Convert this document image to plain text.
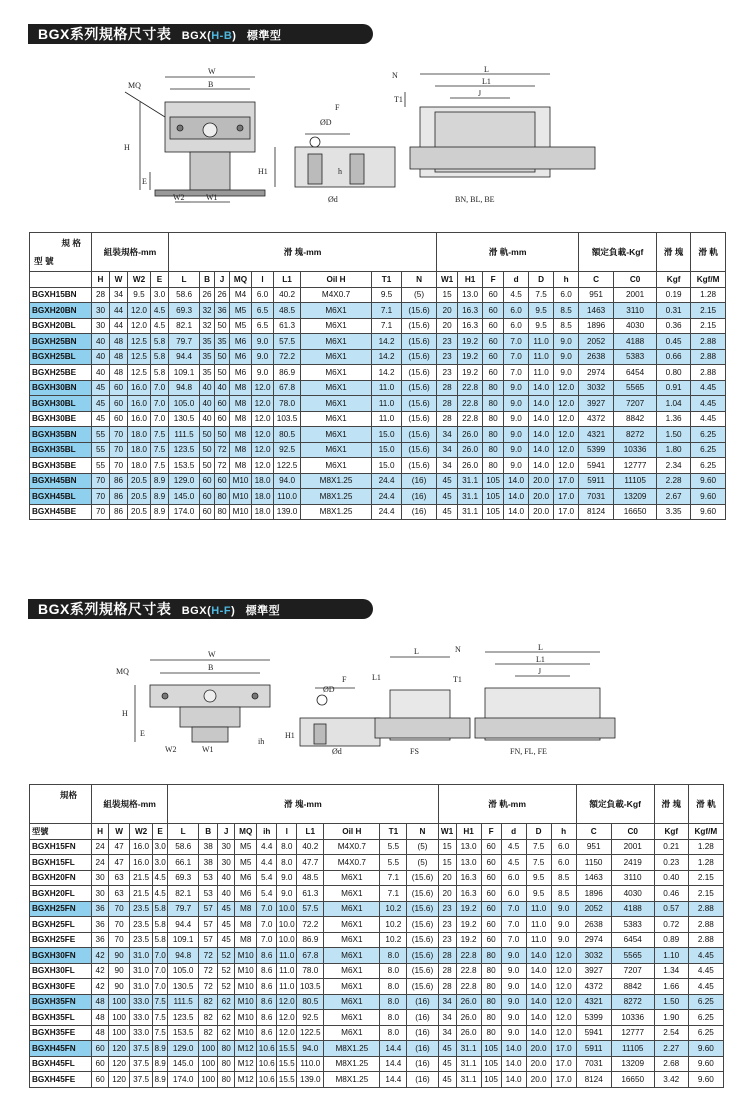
BGX系列規格尺寸表 BGX(H-B) 標準型
MQ
W
B
H
E
W2	W1
F
ØD
H1	h
Ød
N
T1
L
L1
J
BN, BL, BE
規 格
型 號	組裝規格-mm				滑 塊-mm									滑 軌-mm						額定負載-Kgf		滑 塊	滑 軌
	H	W	W2	E	L	B	J	MQ	l	L1	Oil H	T1	N	W1	H1	F	d	D	h	C	C0	Kgf	Kgf/M
BGXH15BN	28	34	9.5	3.0	58.6	26	26	M4	6.0	40.2	M4X0.7	9.5	(5)	15	13.0	60	4.5	7.5	6.0	951	2001	0.19	1.28
BGXH20BN	30	44	12.0	4.5	69.3	32	36	M5	6.5	48.5	M6X1	7.1	(15.6)	20	16.3	60	6.0	9.5	8.5	1463	3110	0.31	2.15
BGXH20BL	30	44	12.0	4.5	82.1	32	50	M5	6.5	61.3	M6X1	7.1	(15.6)	20	16.3	60	6.0	9.5	8.5	1896	4030	0.36	2.15
BGXH25BN	40	48	12.5	5.8	79.7	35	35	M6	9.0	57.5	M6X1	14.2	(15.6)	23	19.2	60	7.0	11.0	9.0	2052	4188	0.45	2.88
BGXH25BL	40	48	12.5	5.8	94.4	35	50	M6	9.0	72.2	M6X1	14.2	(15.6)	23	19.2	60	7.0	11.0	9.0	2638	5383	0.66	2.88
BGXH25BE	40	48	12.5	5.8	109.1	35	50	M6	9.0	86.9	M6X1	14.2	(15.6)	23	19.2	60	7.0	11.0	9.0	2974	6454	0.80	2.88
BGXH30BN	45	60	16.0	7.0	94.8	40	40	M8	12.0	67.8	M6X1	11.0	(15.6)	28	22.8	80	9.0	14.0	12.0	3032	5565	0.91	4.45
BGXH30BL	45	60	16.0	7.0	105.0	40	60	M8	12.0	78.0	M6X1	11.0	(15.6)	28	22.8	80	9.0	14.0	12.0	3927	7207	1.04	4.45
BGXH30BE	45	60	16.0	7.0	130.5	40	60	M8	12.0	103.5	M6X1	11.0	(15.6)	28	22.8	80	9.0	14.0	12.0	4372	8842	1.36	4.45
BGXH35BN	55	70	18.0	7.5	111.5	50	50	M8	12.0	80.5	M6X1	15.0	(15.6)	34	26.0	80	9.0	14.0	12.0	4321	8272	1.50	6.25
BGXH35BL	55	70	18.0	7.5	123.5	50	72	M8	12.0	92.5	M6X1	15.0	(15.6)	34	26.0	80	9.0	14.0	12.0	5399	10336	1.80	6.25
BGXH35BE	55	70	18.0	7.5	153.5	50	72	M8	12.0	122.5	M6X1	15.0	(15.6)	34	26.0	80	9.0	14.0	12.0	5941	12777	2.34	6.25
BGXH45BN	70	86	20.5	8.9	129.0	60	60	M10	18.0	94.0	M8X1.25	24.4	(16)	45	31.1	105	14.0	20.0	17.0	5911	11105	2.28	9.60
BGXH45BL	70	86	20.5	8.9	145.0	60	80	M10	18.0	110.0	M8X1.25	24.4	(16)	45	31.1	105	14.0	20.0	17.0	7031	13209	2.67	9.60
BGXH45BE	70	86	20.5	8.9	174.0	60	80	M10	18.0	139.0	M8X1.25	24.4	(16)	45	31.1	105	14.0	20.0	17.0	8124	16650	3.35	9.60
BGX系列規格尺寸表 BGX(H-F) 標準型
MQ
W
B
H
E
W2	W1
ih
F
ØD
H1
Ød
L1
L
FS
N
T1
L
L1
J
FN, FL, FE
規格	組裝規格-mm				滑 塊-mm										滑 軌-mm						額定負載-Kgf		滑 塊	滑 軌
型號	H	W	W2	E	L	B	J	MQ	ih	l	L1	Oil H	T1	N	W1	H1	F	d	D	h	C	C0	Kgf	Kgf/M
BGXH15FN	24	47	16.0	3.0	58.6	38	30	M5	4.4	8.0	40.2	M4X0.7	5.5	(5)	15	13.0	60	4.5	7.5	6.0	951	2001	0.21	1.28
BGXH15FL	24	47	16.0	3.0	66.1	38	30	M5	4.4	8.0	47.7	M4X0.7	5.5	(5)	15	13.0	60	4.5	7.5	6.0	1150	2419	0.23	1.28
BGXH20FN	30	63	21.5	4.5	69.3	53	40	M6	5.4	9.0	48.5	M6X1	7.1	(15.6)	20	16.3	60	6.0	9.5	8.5	1463	3110	0.40	2.15
BGXH20FL	30	63	21.5	4.5	82.1	53	40	M6	5.4	9.0	61.3	M6X1	7.1	(15.6)	20	16.3	60	6.0	9.5	8.5	1896	4030	0.46	2.15
BGXH25FN	36	70	23.5	5.8	79.7	57	45	M8	7.0	10.0	57.5	M6X1	10.2	(15.6)	23	19.2	60	7.0	11.0	9.0	2052	4188	0.57	2.88
BGXH25FL	36	70	23.5	5.8	94.4	57	45	M8	7.0	10.0	72.2	M6X1	10.2	(15.6)	23	19.2	60	7.0	11.0	9.0	2638	5383	0.72	2.88
BGXH25FE	36	70	23.5	5.8	109.1	57	45	M8	7.0	10.0	86.9	M6X1	10.2	(15.6)	23	19.2	60	7.0	11.0	9.0	2974	6454	0.89	2.88
BGXH30FN	42	90	31.0	7.0	94.8	72	52	M10	8.6	11.0	67.8	M6X1	8.0	(15.6)	28	22.8	80	9.0	14.0	12.0	3032	5565	1.10	4.45
BGXH30FL	42	90	31.0	7.0	105.0	72	52	M10	8.6	11.0	78.0	M6X1	8.0	(15.6)	28	22.8	80	9.0	14.0	12.0	3927	7207	1.34	4.45
BGXH30FE	42	90	31.0	7.0	130.5	72	52	M10	8.6	11.0	103.5	M6X1	8.0	(15.6)	28	22.8	80	9.0	14.0	12.0	4372	8842	1.66	4.45
BGXH35FN	48	100	33.0	7.5	111.5	82	62	M10	8.6	12.0	80.5	M6X1	8.0	(16)	34	26.0	80	9.0	14.0	12.0	4321	8272	1.50	6.25
BGXH35FL	48	100	33.0	7.5	123.5	82	62	M10	8.6	12.0	92.5	M6X1	8.0	(16)	34	26.0	80	9.0	14.0	12.0	5399	10336	1.90	6.25
BGXH35FE	48	100	33.0	7.5	153.5	82	62	M10	8.6	12.0	122.5	M6X1	8.0	(16)	34	26.0	80	9.0	14.0	12.0	5941	12777	2.54	6.25
BGXH45FN	60	120	37.5	8.9	129.0	100	80	M12	10.6	15.5	94.0	M8X1.25	14.4	(16)	45	31.1	105	14.0	20.0	17.0	5911	11105	2.27	9.60
BGXH45FL	60	120	37.5	8.9	145.0	100	80	M12	10.6	15.5	110.0	M8X1.25	14.4	(16)	45	31.1	105	14.0	20.0	17.0	7031	13209	2.68	9.60
BGXH45FE	60	120	37.5	8.9	174.0	100	80	M12	10.6	15.5	139.0	M8X1.25	14.4	(16)	45	31.1	105	14.0	20.0	17.0	8124	16650	3.42	9.60
